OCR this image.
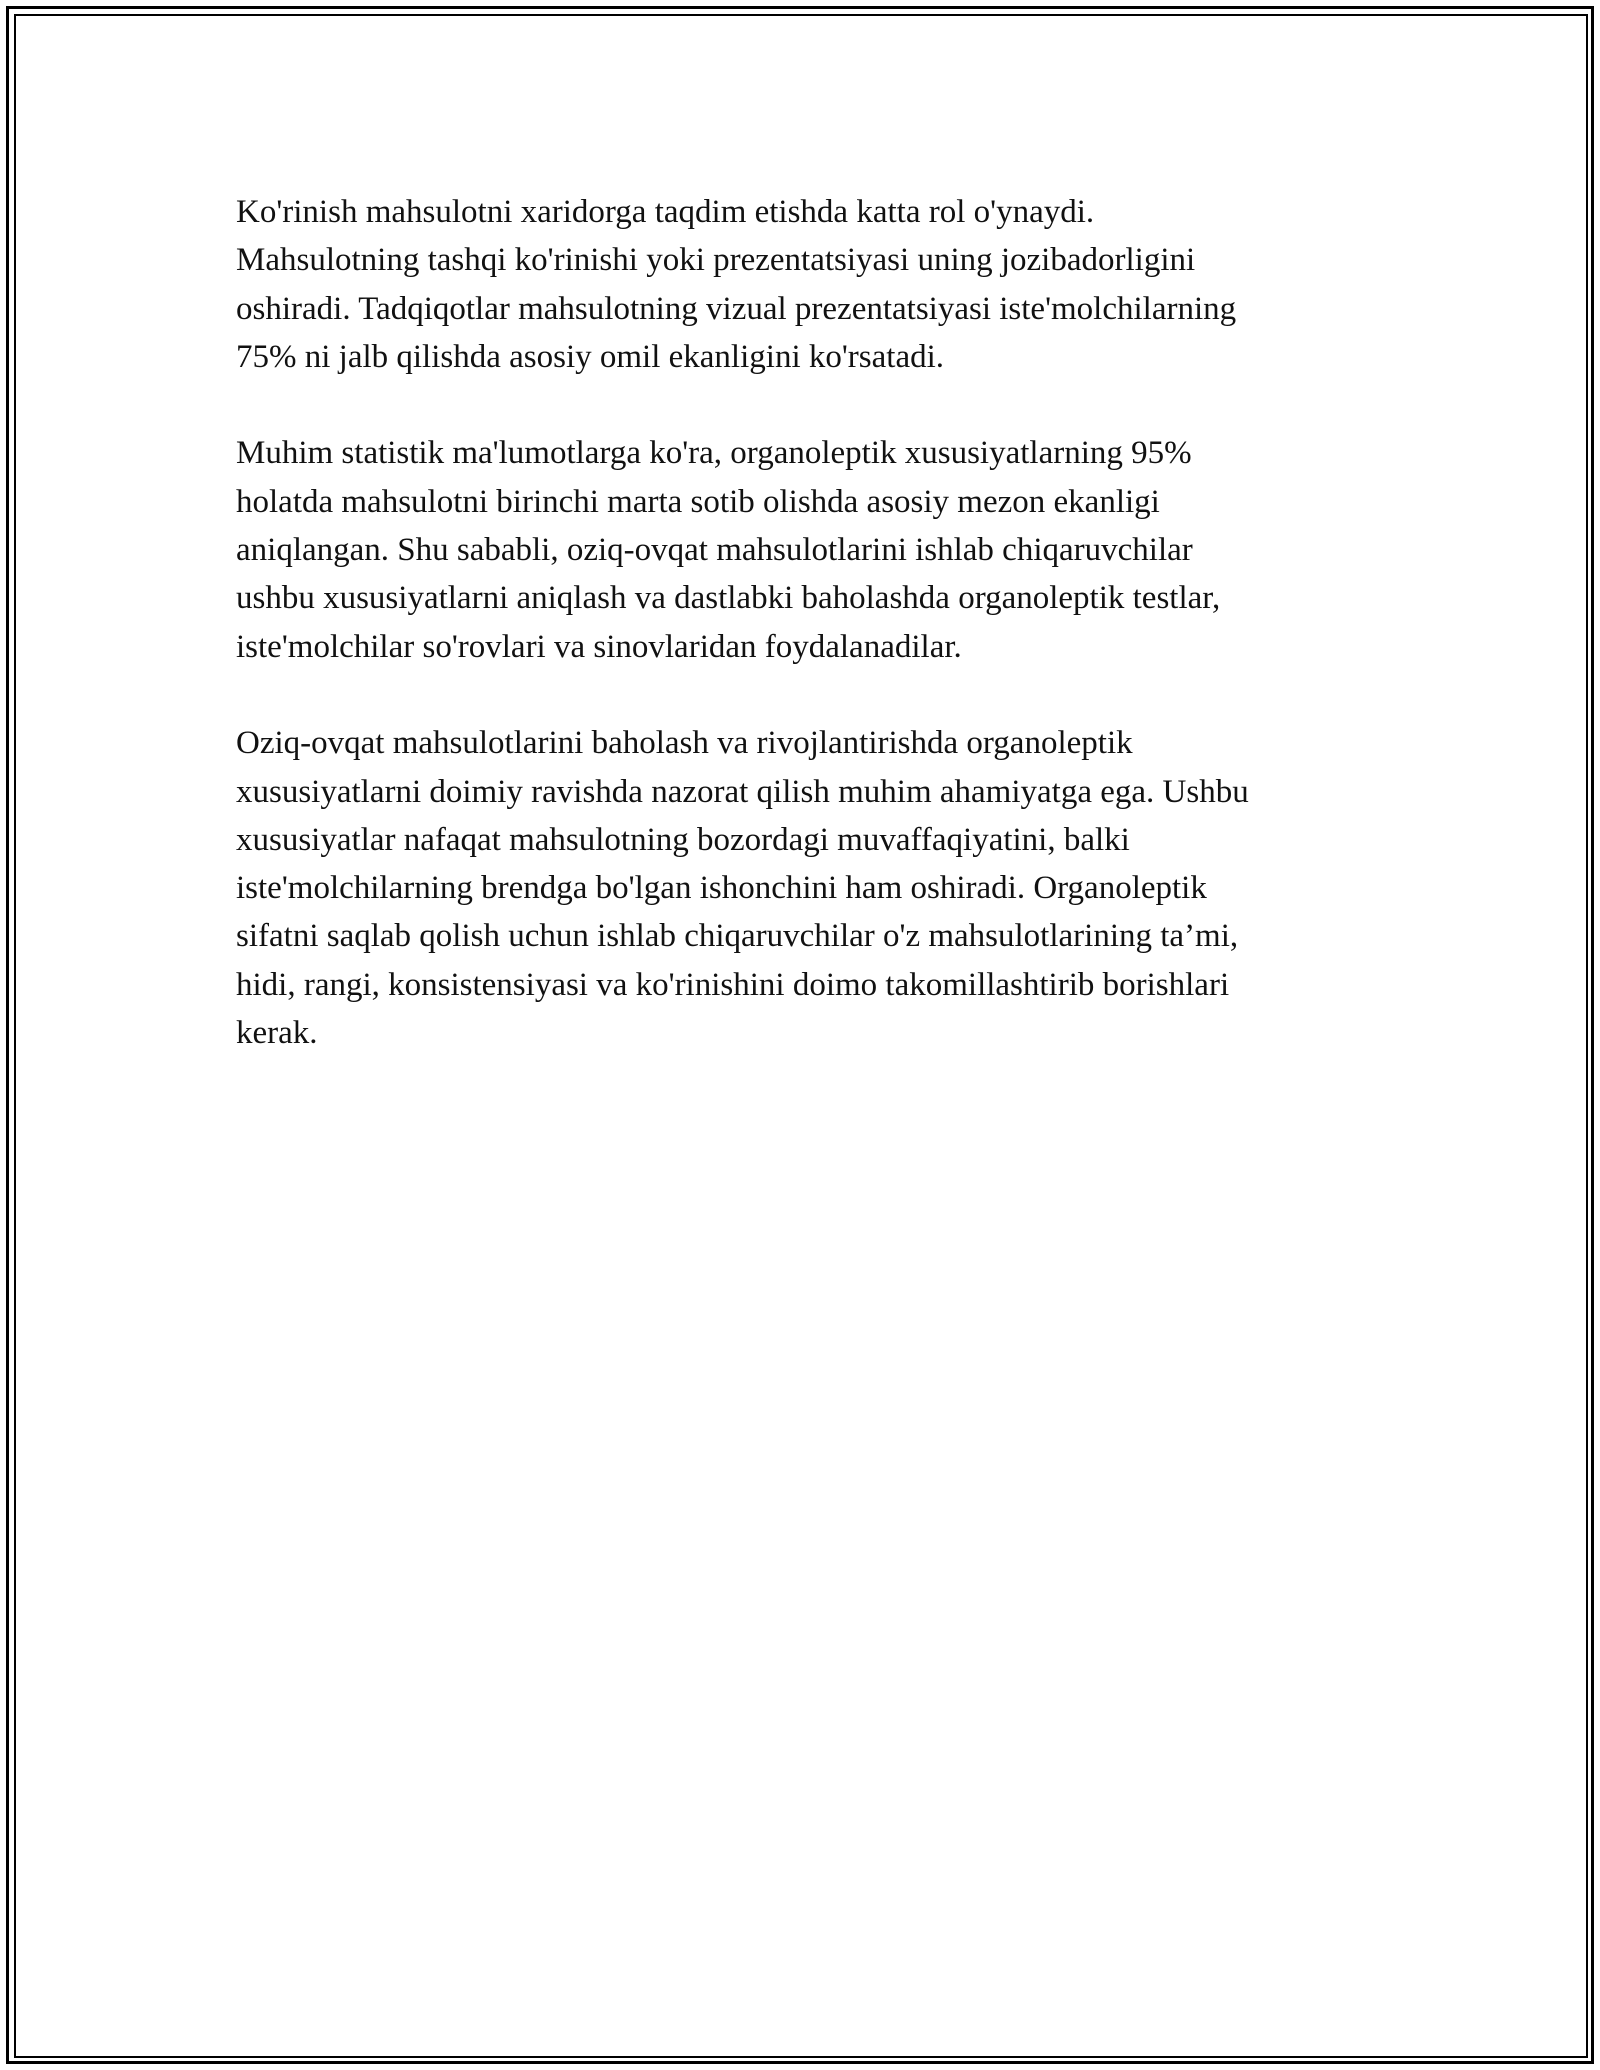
Ko'rinish mahsulotni xaridorga taqdim etishda katta rol o'ynaydi.
Mahsulotning tashqi ko'rinishi yoki prezentatsiyasi uning jozibadorligini
oshiradi. Tadqiqotlar mahsulotning vizual prezentatsiyasi iste'molchilarning
75% ni jalb qilishda asosiy omil ekanligini ko'rsatadi.

Muhim statistik ma'lumotlarga ko'ra, organoleptik xususiyatlarning 95%
holatda mahsulotni birinchi marta sotib olishda asosiy mezon ekanligi
aniqlangan. Shu sababli, oziq-ovqat mahsulotlarini ishlab chiqaruvchilar
ushbu xususiyatlarni aniqlash va dastlabki baholashda organoleptik testlar,
iste'molchilar so'rovlari va sinovlaridan foydalanadilar.

Oziq-ovqat mahsulotlarini baholash va rivojlantirishda organoleptik
xususiyatlarni doimiy ravishda nazorat qilish muhim ahamiyatga ega. Ushbu
xususiyatlar nafaqat mahsulotning bozordagi muvaffaqiyatini, balki
iste'molchilarning brendga bo'lgan ishonchini ham oshiradi. Organoleptik
sifatni saqlab qolish uchun ishlab chiqaruvchilar o'z mahsulotlarining ta’mi,
hidi, rangi, konsistensiyasi va ko'rinishini doimo takomillashtirib borishlari
kerak.
